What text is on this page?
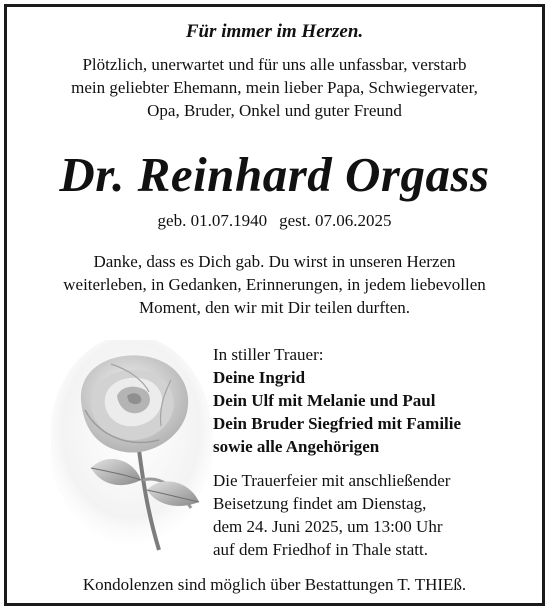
Für immer im Herzen.
Plötzlich, unerwartet und für uns alle unfassbar, verstarb
mein geliebter Ehemann, mein lieber Papa, Schwiegervater,
Opa, Bruder, Onkel und guter Freund
Dr. Reinhard Orgass
geb. 01.07.1940 gest. 07.06.2025
Danke, dass es Dich gab. Du wirst in unseren Herzen
weiterleben, in Gedanken, Erinnerungen, in jedem liebevollen
Moment, den wir mit Dir teilen durften.
In stiller Trauer:
Deine Ingrid
Dein Ulf mit Melanie und Paul
Dein Bruder Siegfried mit Familie
sowie alle Angehörigen
Die Trauerfeier mit anschließender
Beisetzung findet am Dienstag,
dem 24. Juni 2025, um 13:00 Uhr
auf dem Friedhof in Thale statt.
Kondolenzen sind möglich über Bestattungen T. THIEß.
